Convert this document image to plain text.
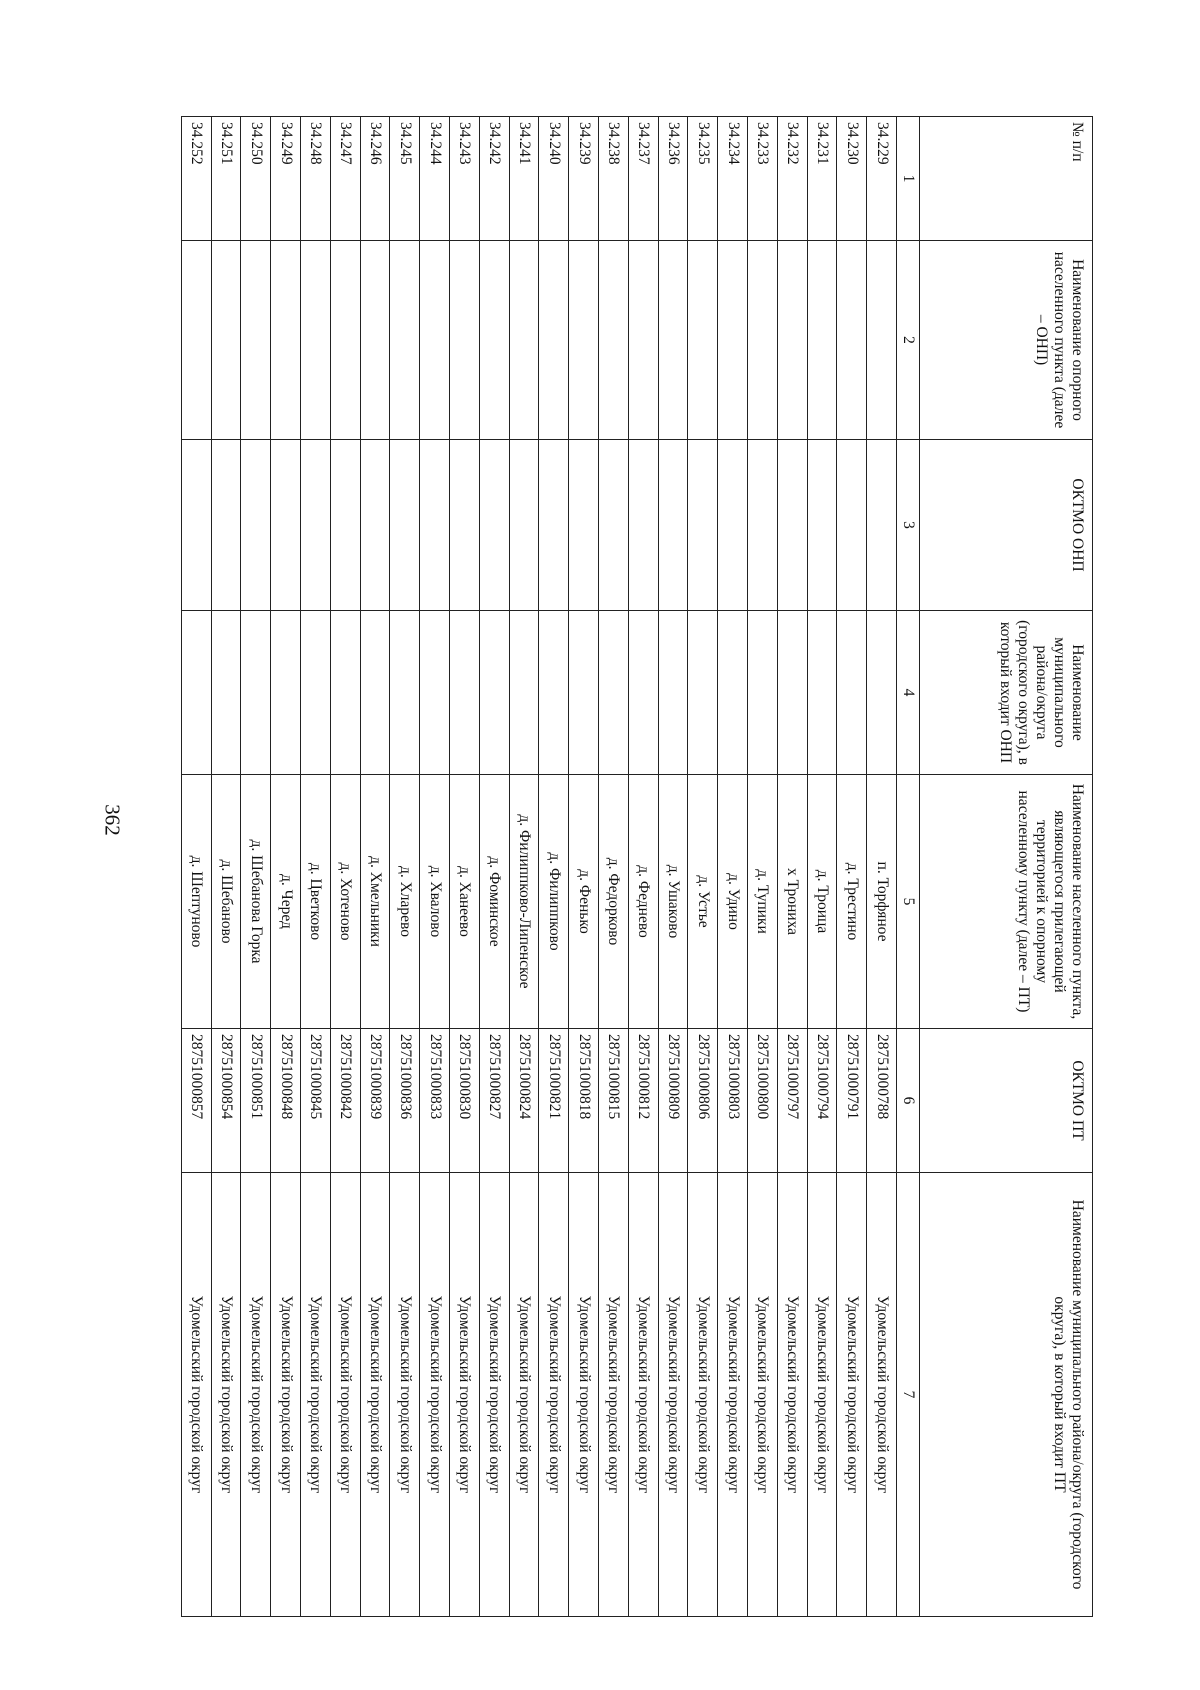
362
№ п/п	Наименование опорного населенного пункта (далее – ОНП)	ОКТМО ОНП	Наименование муниципального района/округа (городского округа), в который входит ОНП	Наименование населенного пункта, являющегося прилегающей территорией к опорному населенному пункту (далее – ПТ)	ОКТМО ПТ	Наименование муниципального района/округа (городского округа), в который входит ПТ
1	2	3	4	5	6	7
34.229				п. Торфяное	28751000788	Удомельский городской округ
34.230				д. Трестино	28751000791	Удомельский городской округ
34.231				д. Троица	28751000794	Удомельский городской округ
34.232				х Трониха	28751000797	Удомельский городской округ
34.233				д. Тупики	28751000800	Удомельский городской округ
34.234				д. Удино	28751000803	Удомельский городской округ
34.235				д. Устье	28751000806	Удомельский городской округ
34.236				д. Ушаково	28751000809	Удомельский городской округ
34.237				д. Феднево	28751000812	Удомельский городской округ
34.238				д. Федорково	28751000815	Удомельский городской округ
34.239				д. Фенько	28751000818	Удомельский городской округ
34.240				д. Филиппково	28751000821	Удомельский городской округ
34.241				д. Филиппково-Липенское	28751000824	Удомельский городской округ
34.242				д. Фоминское	28751000827	Удомельский городской округ
34.243				д. Ханеево	28751000830	Удомельский городской округ
34.244				д. Хвалово	28751000833	Удомельский городской округ
34.245				д. Хларево	28751000836	Удомельский городской округ
34.246				д. Хмельники	28751000839	Удомельский городской округ
34.247				д. Хотеново	28751000842	Удомельский городской округ
34.248				д. Цветково	28751000845	Удомельский городской округ
34.249				д. Черед	28751000848	Удомельский городской округ
34.250				д. Шебанова Горка	28751000851	Удомельский городской округ
34.251				д. Шебаново	28751000854	Удомельский городской округ
34.252				д. Шептуново	28751000857	Удомельский городской округ
